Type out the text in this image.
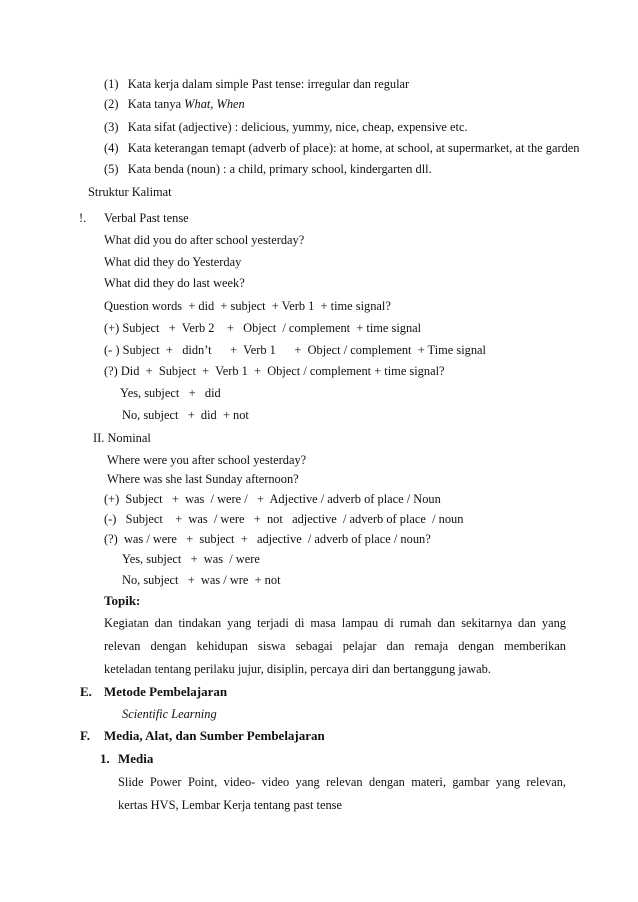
(1) Kata kerja dalam simple Past tense: irregular dan regular
(2) Kata tanya What, When
(3) Kata sifat (adjective) : delicious, yummy, nice, cheap, expensive etc.
(4) Kata keterangan temapt (adverb of place): at home, at school, at supermarket, at the garden
(5) Kata benda (noun) : a child, primary school, kindergarten dll.
Struktur Kalimat
!. Verbal Past tense
What did you do after school yesterday?
What did they do Yesterday
What did they do last week?
Question words  + did  + subject  + Verb 1  + time signal?
(+) Subject   +  Verb 2    +   Object  / complement  + time signal
(- ) Subject  +   didn’t      +  Verb 1      +  Object / complement  + Time signal
(?) Did  +  Subject  +  Verb 1  +  Object / complement + time signal?
Yes, subject   +   did
No, subject   +  did  + not
II. Nominal
Where were you after school yesterday?
Where was she last Sunday afternoon?
(+)  Subject   +  was  / were /   +  Adjective / adverb of place / Noun
(-)   Subject    +  was  / were   +  not   adjective  / adverb of place  / noun
(?)  was / were   +  subject  +   adjective  / adverb of place / noun?
Yes, subject   +  was  / were
No, subject   +  was / wre  + not
Topik:
Kegiatan dan tindakan yang terjadi di masa lampau di rumah dan sekitarnya dan yang
relevan dengan kehidupan siswa sebagai pelajar dan remaja dengan memberikan
keteladan tentang perilaku jujur, disiplin, percaya diri dan bertanggung jawab.
E. Metode Pembelajaran
Scientific Learning
F. Media, Alat, dan Sumber Pembelajaran
1. Media
Slide Power Point, video- video yang relevan dengan materi, gambar yang relevan,
kertas HVS, Lembar Kerja tentang past tense
